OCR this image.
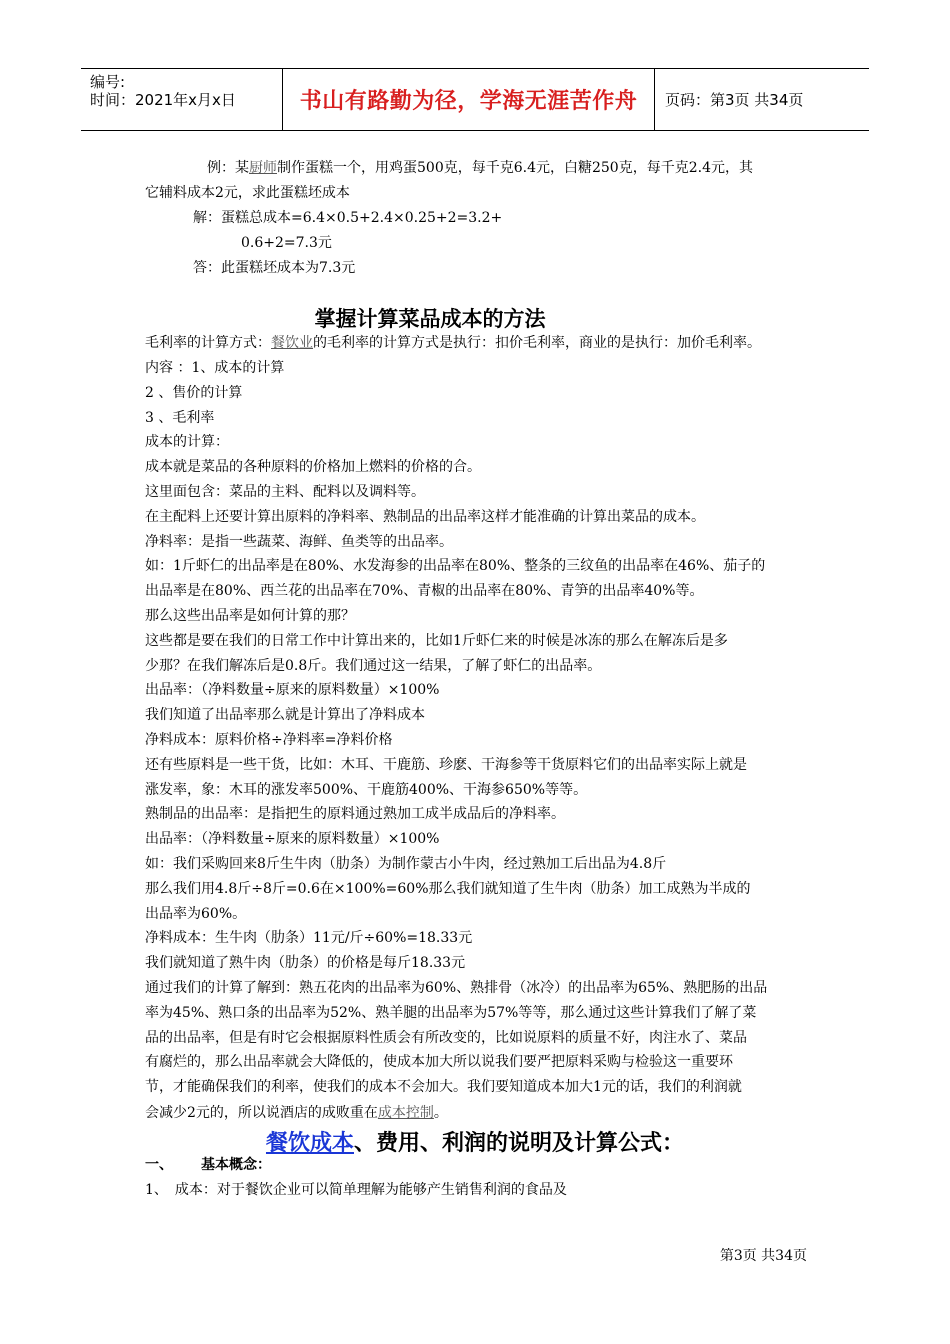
编号:
时间：2021年x月x日	书山有路勤为径，学海无涯苦作舟	页码：第3页 共34页
例：某厨师制作蛋糕一个，用鸡蛋500克，每千克6.4元，白糖250克，每千克2.4元，其
它辅料成本2元，求此蛋糕坯成本
解：蛋糕总成本=6.4×0.5+2.4×0.25+2=3.2+
0.6+2=7.3元
答：此蛋糕坯成本为7.3元
掌握计算菜品成本的方法
毛利率的计算方式：餐饮业的毛利率的计算方式是执行：扣价毛利率，商业的是执行：加价毛利率。
内容 ：1、成本的计算
2 、售价的计算
3 、毛利率
成本的计算：
成本就是菜品的各种原料的价格加上燃料的价格的合。
这里面包含：菜品的主料、配料以及调料等。
在主配料上还要计算出原料的净料率、熟制品的出品率这样才能准确的计算出菜品的成本。
净料率：是指一些蔬菜、海鲜、鱼类等的出品率。
如：1斤虾仁的出品率是在80%、水发海参的出品率在80%、整条的三纹鱼的出品率在46%、茄子的
出品率是在80%、西兰花的出品率在70%、青椒的出品率在80%、青笋的出品率40%等。
那么这些出品率是如何计算的那？
这些都是要在我们的日常工作中计算出来的，比如1斤虾仁来的时候是冰冻的那么在解冻后是多
少那？在我们解冻后是0.8斤。我们通过这一结果，了解了虾仁的出品率。
出品率：（净料数量÷原来的原料数量）×100%
我们知道了出品率那么就是计算出了净料成本
净料成本：原料价格÷净料率=净料价格
还有些原料是一些干货，比如：木耳、干鹿筋、珍麽、干海参等干货原料它们的出品率实际上就是
涨发率，象：木耳的涨发率500%、干鹿筋400%、干海参650%等等。
熟制品的出品率：是指把生的原料通过熟加工成半成品后的净料率。
出品率：（净料数量÷原来的原料数量）×100%
如：我们采购回来8斤生牛肉（肋条）为制作蒙古小牛肉，经过熟加工后出品为4.8斤
那么我们用4.8斤÷8斤=0.6在×100%=60%那么我们就知道了生牛肉（肋条）加工成熟为半成的
出品率为60%。
净料成本：生牛肉（肋条）11元/斤÷60%=18.33元
我们就知道了熟牛肉（肋条）的价格是每斤18.33元
通过我们的计算了解到：熟五花肉的出品率为60%、熟排骨（冰冷）的出品率为65%、熟肥肠的出品
率为45%、熟口条的出品率为52%、熟羊腿的出品率为57%等等，那么通过这些计算我们了解了菜
品的出品率，但是有时它会根据原料性质会有所改变的，比如说原料的质量不好，肉注水了、菜品
有腐烂的，那么出品率就会大降低的，使成本加大所以说我们要严把原料采购与检验这一重要环
节，才能确保我们的利率，使我们的成本不会加大。我们要知道成本加大1元的话，我们的利润就
会减少2元的，所以说酒店的成败重在成本控制。
餐饮成本、费用、利润的说明及计算公式：
一、 基本概念：
1、　成本：对于餐饮企业可以简单理解为能够产生销售利润的食品及
第3页 共34页
